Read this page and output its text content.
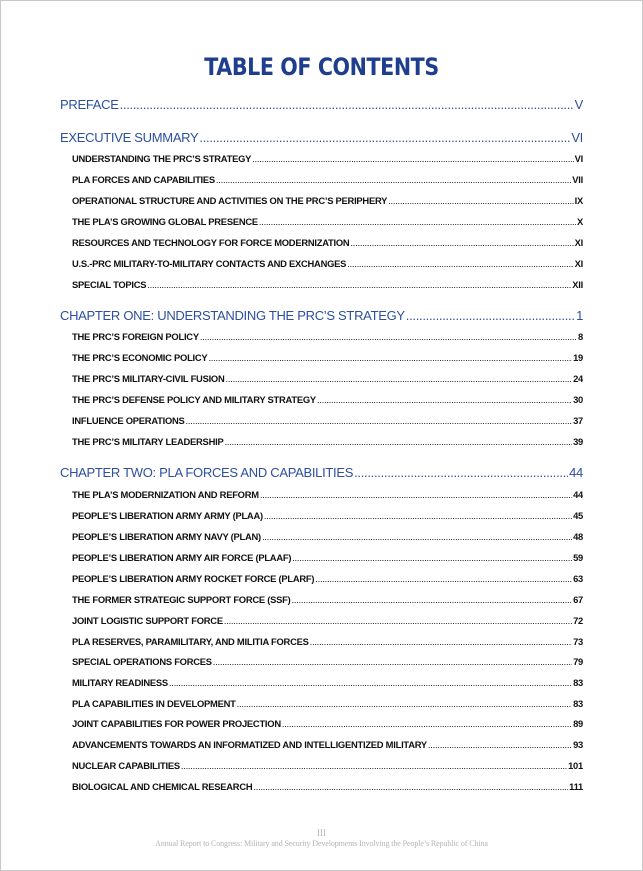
TABLE OF CONTENTS
PREFACE .....	V
EXECUTIVE SUMMARY .....	VI
UNDERSTANDING THE PRC’S STRATEGY .....	VI
PLA FORCES AND CAPABILITIES .....	VII
OPERATIONAL STRUCTURE AND ACTIVITIES ON THE PRC’S PERIPHERY .....	IX
THE PLA’S GROWING GLOBAL PRESENCE .....	X
RESOURCES AND TECHNOLOGY FOR FORCE MODERNIZATION .....	XI
U.S.-PRC MILITARY-TO-MILITARY CONTACTS AND EXCHANGES .....	XI
SPECIAL TOPICS .....	XII
CHAPTER ONE: UNDERSTANDING THE PRC’S STRATEGY .....	1
THE PRC’S FOREIGN POLICY .....	8
THE PRC’S ECONOMIC POLICY .....	19
THE PRC’S MILITARY-CIVIL FUSION .....	24
THE PRC’S DEFENSE POLICY AND MILITARY STRATEGY .....	30
INFLUENCE OPERATIONS .....	37
THE PRC’S MILITARY LEADERSHIP .....	39
CHAPTER TWO: PLA FORCES AND CAPABILITIES .....	44
THE PLA’S MODERNIZATION AND REFORM .....	44
PEOPLE’S LIBERATION ARMY ARMY (PLAA) .....	45
PEOPLE’S LIBERATION ARMY NAVY (PLAN) .....	48
PEOPLE’S LIBERATION ARMY AIR FORCE (PLAAF) .....	59
PEOPLE’S LIBERATION ARMY ROCKET FORCE (PLARF) .....	63
THE FORMER STRATEGIC SUPPORT FORCE (SSF) .....	67
JOINT LOGISTIC SUPPORT FORCE .....	72
PLA RESERVES, PARAMILITARY, AND MILITIA FORCES .....	73
SPECIAL OPERATIONS FORCES .....	79
MILITARY READINESS .....	83
PLA CAPABILITIES IN DEVELOPMENT .....	83
JOINT CAPABILITIES FOR POWER PROJECTION .....	89
ADVANCEMENTS TOWARDS AN INFORMATIZED AND INTELLIGENTIZED MILITARY .....	93
NUCLEAR CAPABILITIES .....	101
BIOLOGICAL AND CHEMICAL RESEARCH .....	111
III
Annual Report to Congress: Military and Security Developments Involving the People’s Republic of China
